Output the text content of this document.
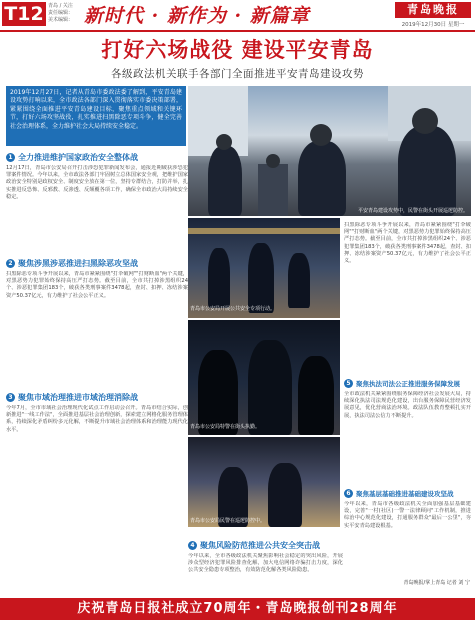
T12 青岛 / 关注
责任编辑：
美术编辑： 新时代 · 新作为 · 新篇章	青岛晚报
2019年12月30日 星期一
打好六场战役 建设平安青岛
各级政法机关联手各部门全面推进平安青岛建设攻势
2019年12月27日，记者从青岛市委政法委了解到，平安青岛建设攻势打响以来，全市政法各部门深入贯彻落实市委决策部署，紧紧围绕全面推进平安青岛建设目标，聚焦重点领域和关键环节，打好六场攻坚战役，扎实推进扫黑除恶专项斗争，健全完善社会治理体系，全力维护社会大局持续安全稳定。
平安青岛建设攻势中，民警在街头开展巡逻防控。
1 全力推进维护国家政治安全整体战
12月17日，青岛市公安局召开打击涉恐犯罪新闻发布会，通报近期破获涉恐犯罪案件情况。今年以来，全市政法各部门牢固树立总体国家安全观，把维护国家政治安全特别是政权安全、制度安全放在第一位，坚持专群结合，打防并举，扎实推进反恐怖、反邪教、反渗透、反颠覆各项工作，确保全市政治大局持续安全稳定。
2 聚焦涉黑涉恶推进扫黑除恶攻坚战
扫黑除恶专项斗争开展以来，青岛市紧紧围绕"打伞破网""打财断血"两个关键，对黑恶势力犯罪始终保持高压严打态势。截至目前，全市共打掉涉黑组织24个、涉恶犯罪集团183个，破获各类刑事案件3478起，查封、扣押、冻结涉案资产50.37亿元，有力维护了社会公平正义。
3 聚焦市域治理推进市域治理消除战
今年7月，全市市域社会治理现代化试点工作启动会召开。青岛市结合实际，创新推进"一线工作法"，全面推进基层社会治理创新，探索建立网格化服务管理体系，持续深化矛盾纠纷多元化解，不断提升市域社会治理体系和治理能力现代化水平。
青岛市公安局开展公共安全专项行动。
青岛市公安局特警在街头执勤。
青岛市公安局民警在巡逻防控中。
4 聚焦风险防范推进公共安全突击战
今年以来，全市各级政法机关聚焦影响社会稳定的突出风险，开展涉众型经济犯罪风险排查化解，加大电信网络诈骗打击力度，深化公共安全隐患专项整治，有效防范化解各类风险隐患。
扫黑除恶专项斗争开展以来，青岛市紧紧围绕"打伞破网""打财断血"两个关键，对黑恶势力犯罪始终保持高压严打态势。截至目前，全市共打掉涉黑组织24个、涉恶犯罪集团183个，破获各类刑事案件3478起，查封、扣押、冻结涉案资产50.37亿元，有力维护了社会公平正义。
5 聚焦执法司法公正推进服务保障发展
全市政法机关紧紧围绕服务保障经济社会发展大局，持续深化执法司法规范化建设，出台服务保障民营经济发展意见，优化营商法治环境。政法队伍教育整顿扎实开展，执法司法公信力不断提升。
6 聚焦基层基础推进基础建设攻坚战
今年以来，青岛市各级政法机关全面加强基层基础建设，完善"一村(社区)一警一法律顾问"工作机制，推进综治中心规范化建设，打通服务群众"最后一公里"，夯实平安青岛建设根基。
青岛晚报/掌上青岛 记者 刘 宁
庆祝青岛日报社成立70周年・青岛晚报创刊28周年
